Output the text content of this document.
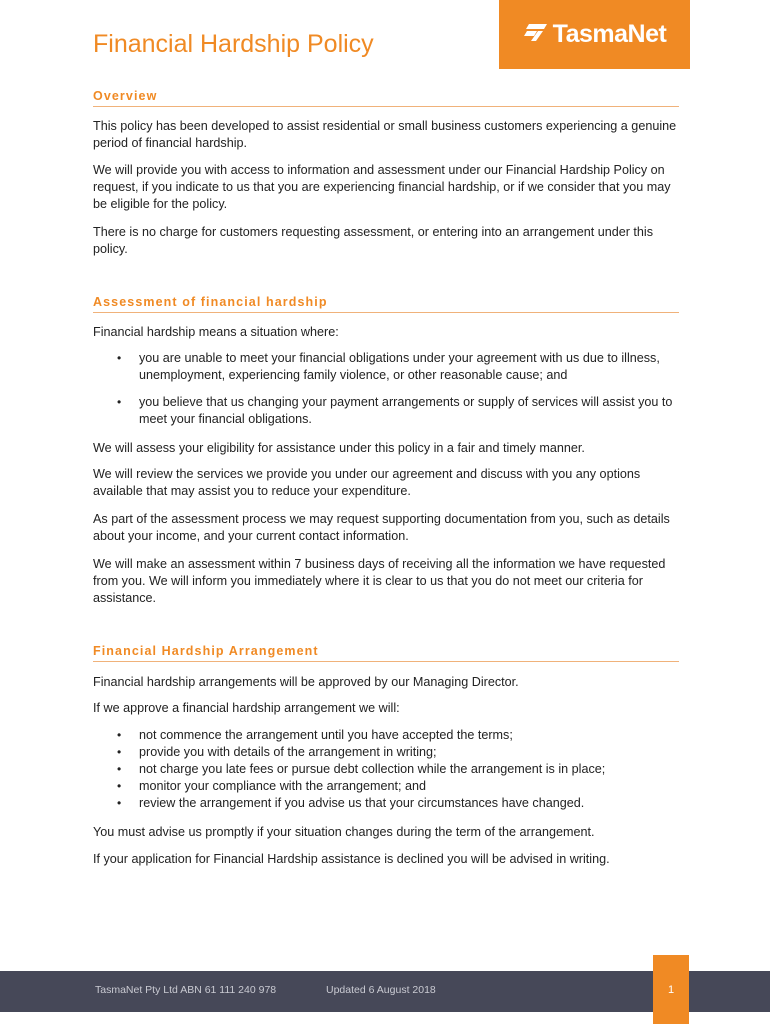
Financial Hardship Policy	TasmaNet
Overview

This policy has been developed to assist residential or small business customers experiencing a genuine period of financial hardship.

We will provide you with access to information and assessment under our Financial Hardship Policy on request, if you indicate to us that you are experiencing financial hardship, or if we consider that you may be eligible for the policy.

There is no charge for customers requesting assessment, or entering into an arrangement under this policy.

Assessment of financial hardship

Financial hardship means a situation where:

• you are unable to meet your financial obligations under your agreement with us due to illness, unemployment, experiencing family violence, or other reasonable cause; and
• you believe that us changing your payment arrangements or supply of services will assist you to meet your financial obligations.

We will assess your eligibility for assistance under this policy in a fair and timely manner.

We will review the services we provide you under our agreement and discuss with you any options available that may assist you to reduce your expenditure.

As part of the assessment process we may request supporting documentation from you, such as details about your income, and your current contact information.

We will make an assessment within 7 business days of receiving all the information we have requested from you. We will inform you immediately where it is clear to us that you do not meet our criteria for assistance.

Financial Hardship Arrangement

Financial hardship arrangements will be approved by our Managing Director.

If we approve a financial hardship arrangement we will:

• not commence the arrangement until you have accepted the terms;
• provide you with details of the arrangement in writing;
• not charge you late fees or pursue debt collection while the arrangement is in place;
• monitor your compliance with the arrangement; and
• review the arrangement if you advise us that your circumstances have changed.

You must advise us promptly if your situation changes during the term of the arrangement.

If your application for Financial Hardship assistance is declined you will be advised in writing.

TasmaNet Pty Ltd ABN 61 111 240 978	Updated 6 August 2018	1
